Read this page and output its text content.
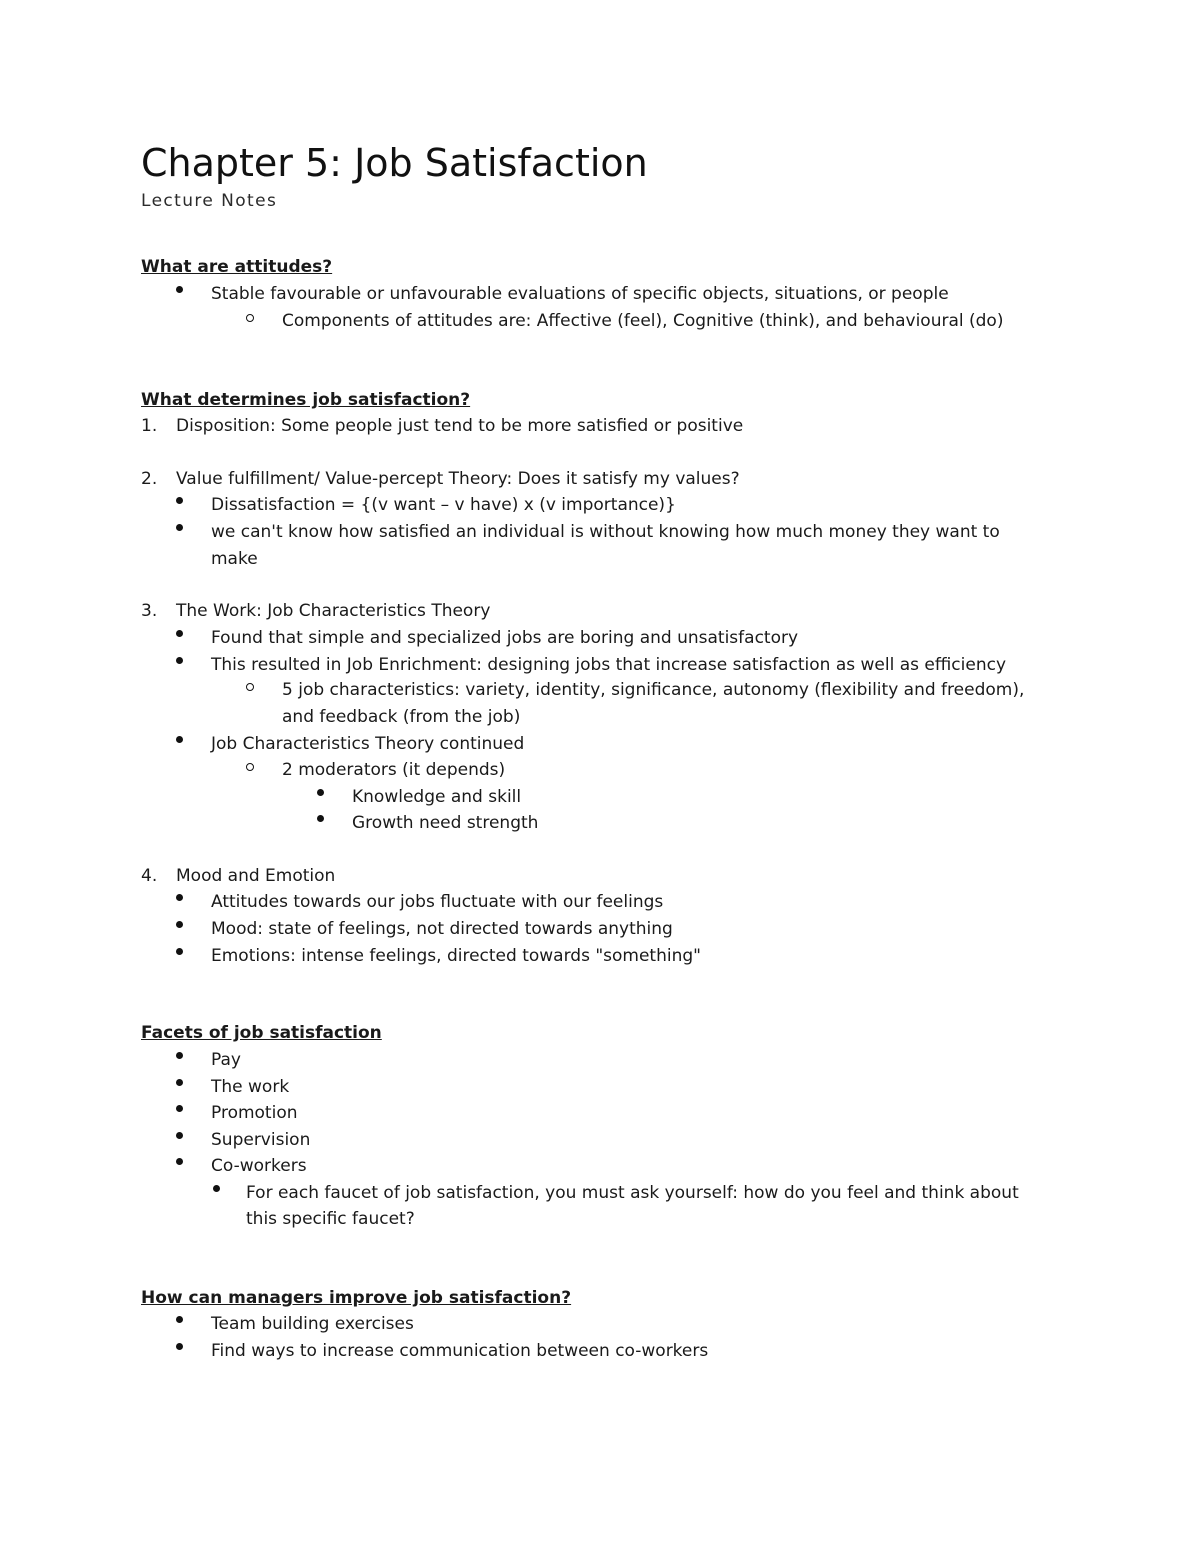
Chapter 5: Job Satisfaction
Lecture Notes
What are attitudes?
Stable favourable or unfavourable evaluations of specific objects, situations, or people
Components of attitudes are: Affective (feel), Cognitive (think), and behavioural (do)
What determines job satisfaction?
1. Disposition: Some people just tend to be more satisfied or positive
2. Value fulfillment/ Value-percept Theory: Does it satisfy my values?
Dissatisfaction = {(v want – v have) x (v importance)}
we can't know how satisfied an individual is without knowing how much money they want to
make
3. The Work: Job Characteristics Theory
Found that simple and specialized jobs are boring and unsatisfactory
This resulted in Job Enrichment: designing jobs that increase satisfaction as well as efficiency
5 job characteristics: variety, identity, significance, autonomy (flexibility and freedom),
and feedback (from the job)
Job Characteristics Theory continued
2 moderators (it depends)
Knowledge and skill
Growth need strength
4. Mood and Emotion
Attitudes towards our jobs fluctuate with our feelings
Mood: state of feelings, not directed towards anything
Emotions: intense feelings, directed towards "something"
Facets of job satisfaction
Pay
The work
Promotion
Supervision
Co-workers
For each faucet of job satisfaction, you must ask yourself: how do you feel and think about
this specific faucet?
How can managers improve job satisfaction?
Team building exercises
Find ways to increase communication between co-workers
